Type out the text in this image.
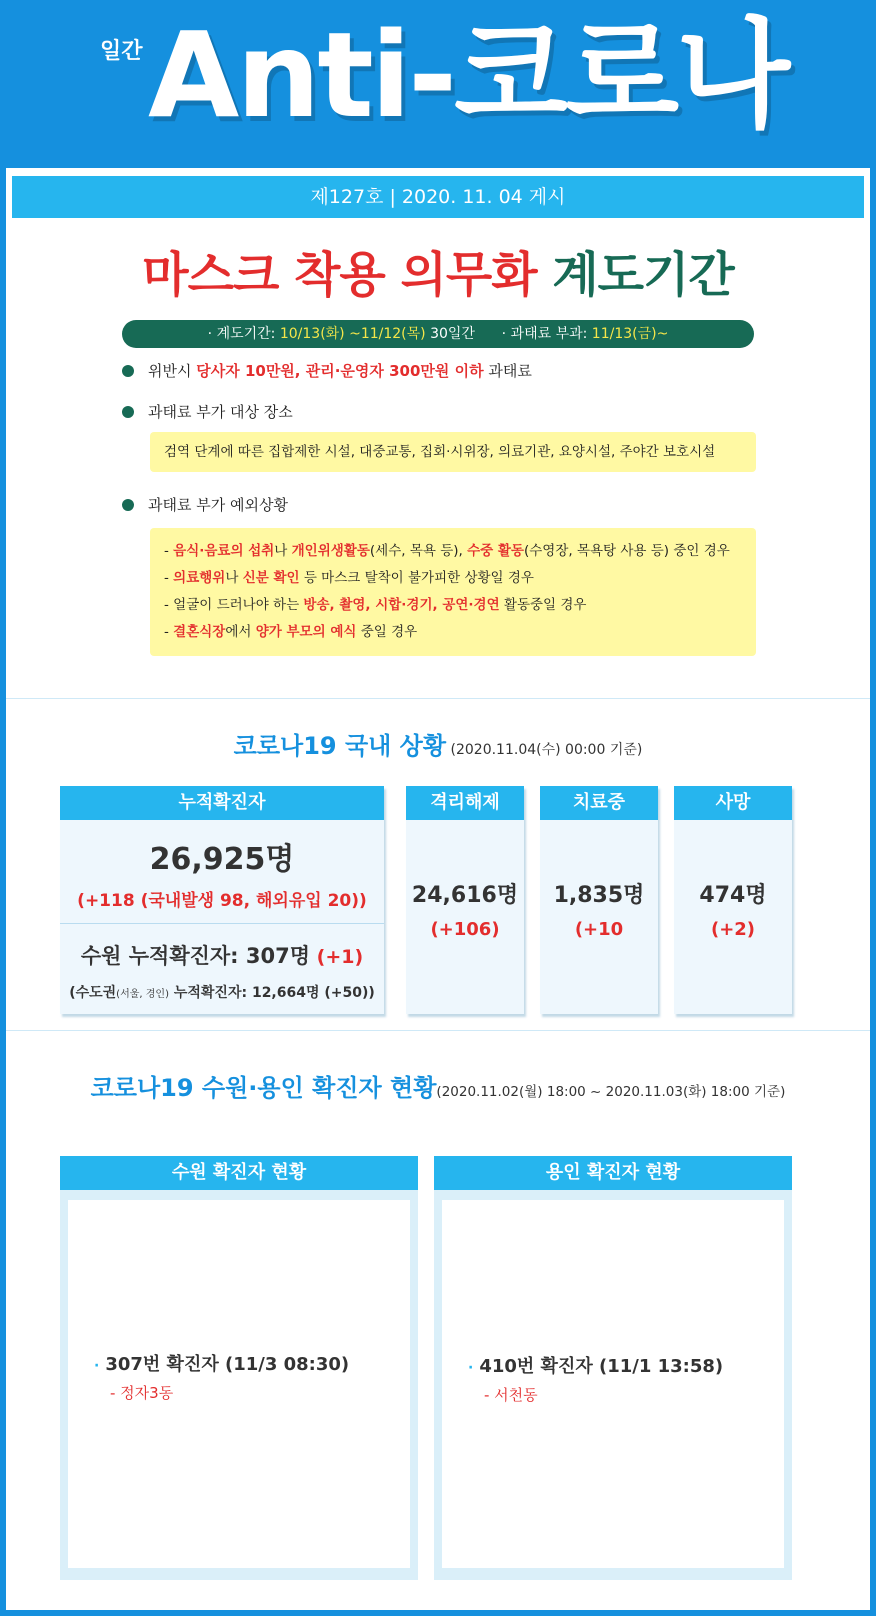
일간 Anti-코로나
제127호 | 2020. 11. 04 게시
마스크 착용 의무화 계도기간
· 계도기간: 10/13(화) ~11/12(목) 30일간 · 과태료 부과: 11/13(금)~
위반시 당사자 10만원, 관리·운영자 300만원 이하 과태료
과태료 부가 대상 장소
검역 단계에 따른 집합제한 시설, 대중교통, 집회·시위장, 의료기관, 요양시설, 주야간 보호시설
과태료 부가 예외상황
- 음식·음료의 섭취나 개인위생활동(세수, 목욕 등), 수중 활동(수영장, 목욕탕 사용 등) 중인 경우
- 의료행위나 신분 확인 등 마스크 탈착이 불가피한 상황일 경우
- 얼굴이 드러나야 하는 방송, 촬영, 시합·경기, 공연·경연 활동중일 경우
- 결혼식장에서 양가 부모의 예식 중일 경우
코로나19 국내 상황 (2020.11.04(수) 00:00 기준)
누적확진자
26,925명
(+118 (국내발생 98, 해외유입 20))
수원 누적확진자: 307명 (+1)
(수도권(서울, 경인) 누적확진자: 12,664명 (+50))
격리해제
24,616명
(+106)
치료중
1,835명
(+10
사망
474명
(+2)
코로나19 수원·용인 확진자 현황(2020.11.02(월) 18:00 ~ 2020.11.03(화) 18:00 기준)
수원 확진자 현황
· 307번 확진자 (11/3 08:30)
- 정자3동
용인 확진자 현황
· 410번 확진자 (11/1 13:58)
- 서천동
